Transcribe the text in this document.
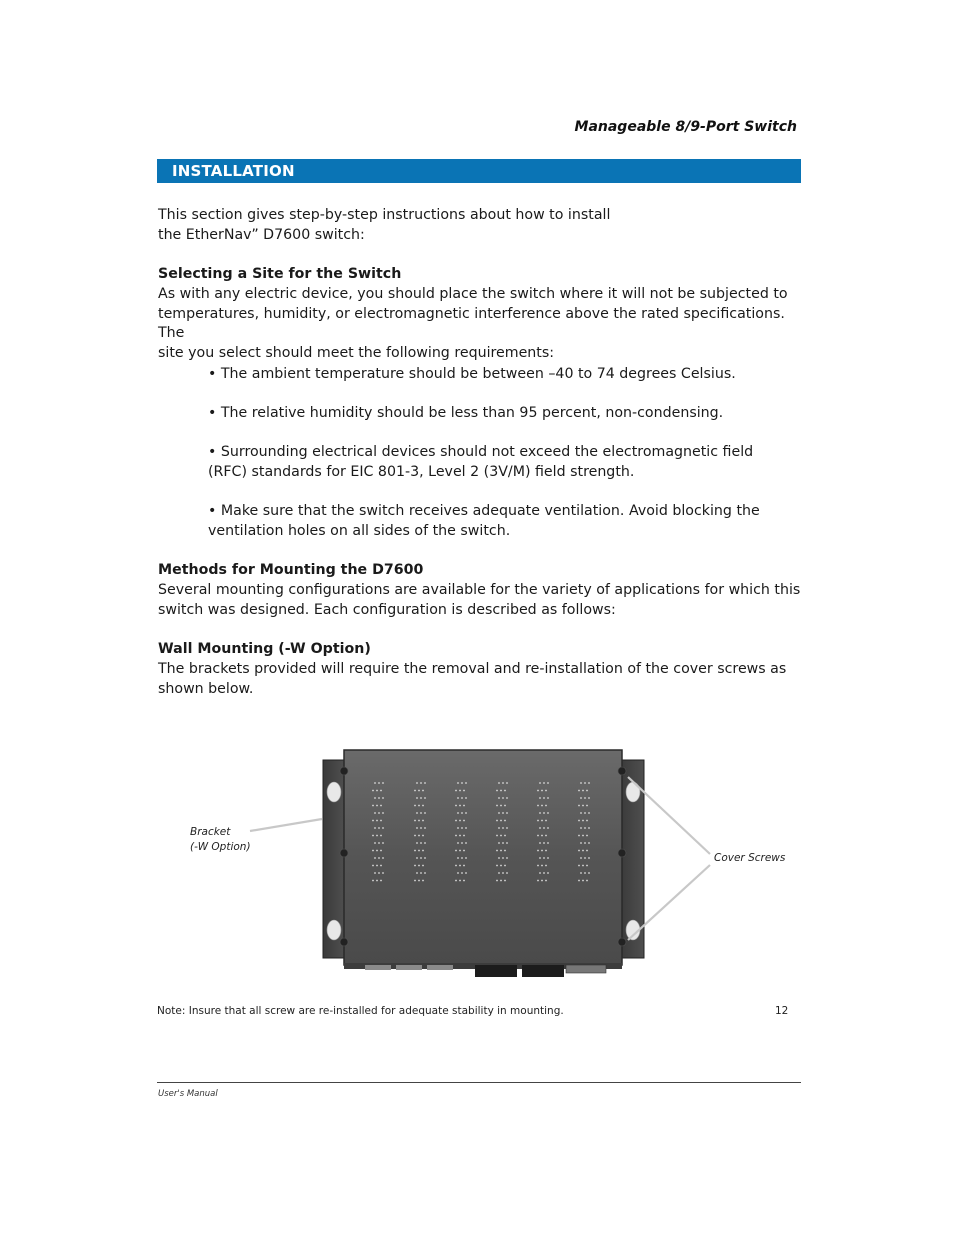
Manageable 8/9-Port Switch
INSTALLATION
This section gives step-by-step instructions about how to install
the EtherNav” D7600 switch:
Selecting a Site for the Switch
As with any electric device, you should place the switch where it will not be subjected to
temperatures, humidity, or electromagnetic interference above the rated specifications. The
site you select should meet the following requirements:
• The ambient temperature should be between –40 to 74 degrees Celsius.
• The relative humidity should be less than 95 percent, non-condensing.
• Surrounding electrical devices should not exceed the electromagnetic field
(RFC) standards for EIC 801-3, Level 2 (3V/M) field strength.
• Make sure that the switch receives adequate ventilation. Avoid blocking the
ventilation holes on all sides of the switch.
Methods for Mounting the D7600
Several mounting configurations are available for the variety of applications for which this
switch was designed. Each configuration is described as follows:
Wall Mounting (-W Option)
The brackets provided will require the removal and re-installation of the cover screws as
shown below.
Bracket
(-W Option)
Cover Screws
Note: Insure that all screw are re-installed for adequate stability in mounting.	12
User's Manual
